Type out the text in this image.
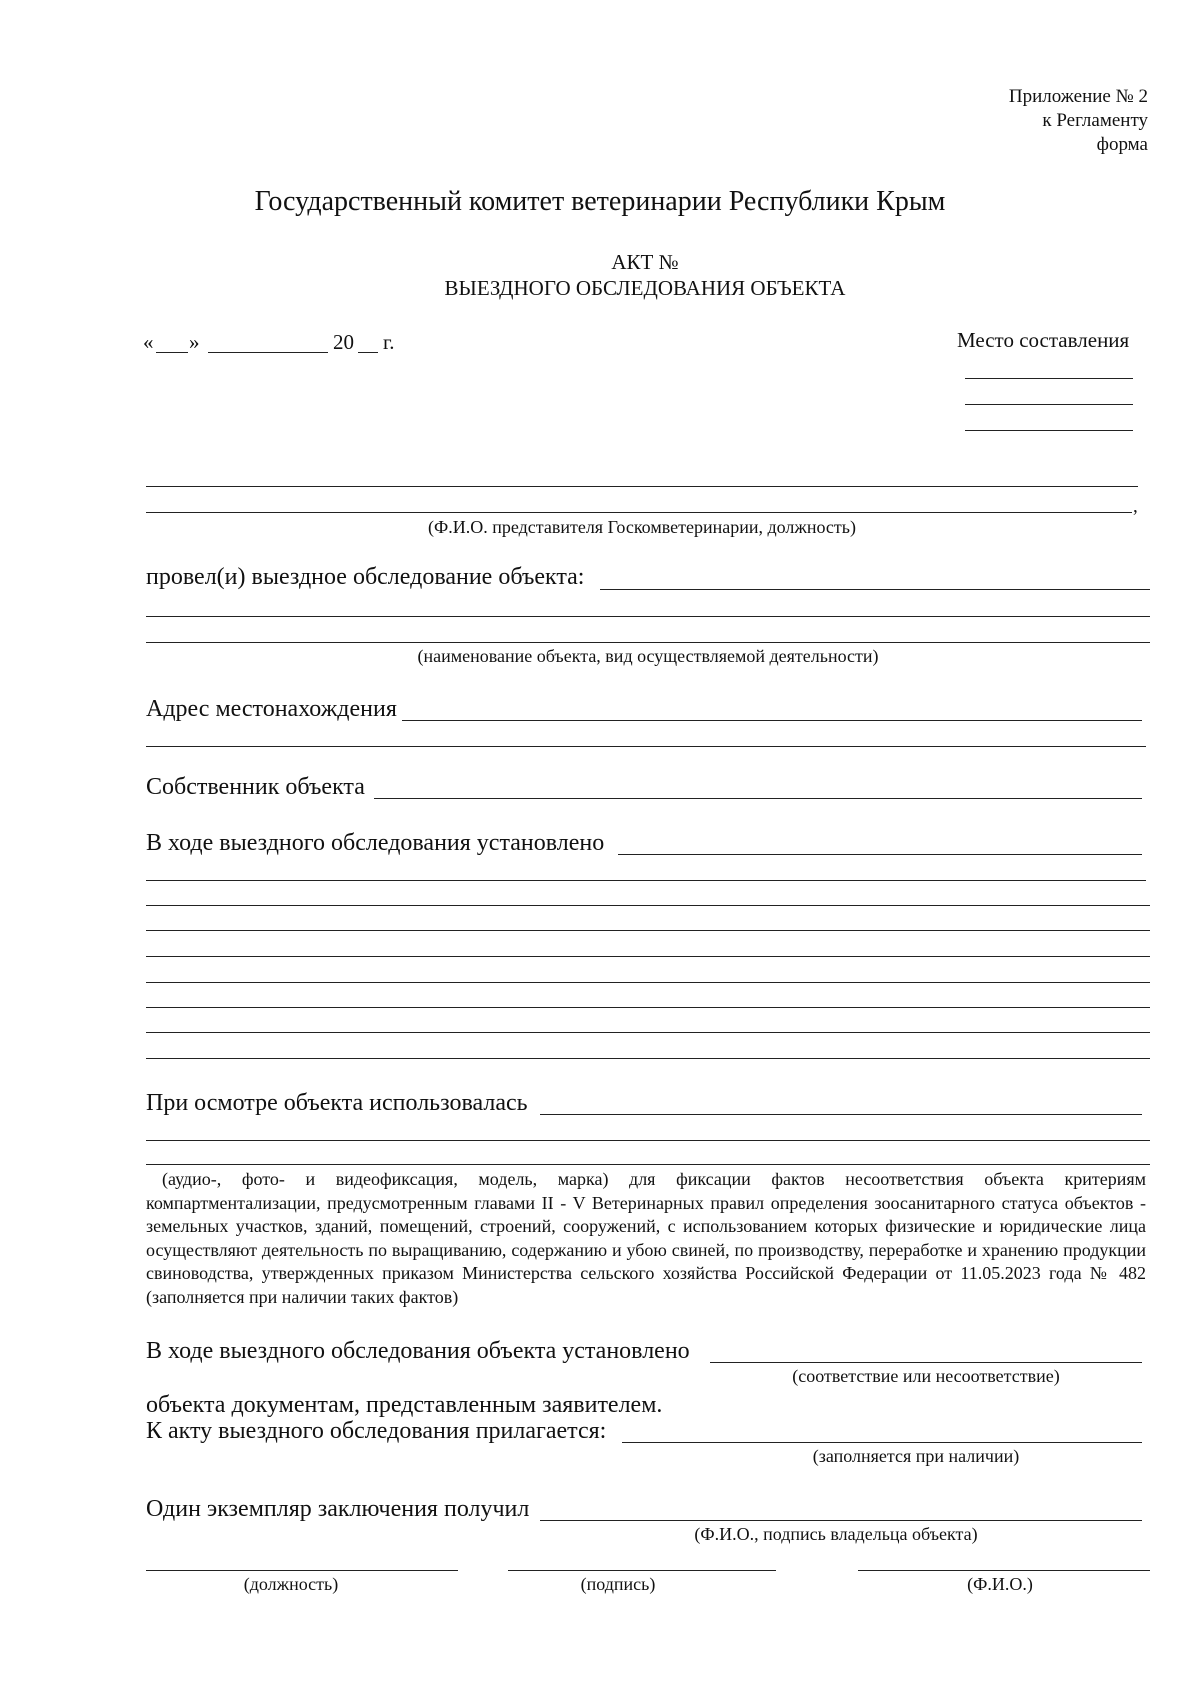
Приложение № 2
к Регламенту
форма
Государственный комитет ветеринарии Республики Крым
АКТ №
ВЫЕЗДНОГО ОБСЛЕДОВАНИЯ ОБЪЕКТА
« »	20 г.	Место составления
,
(Ф.И.О. представителя Госкомветеринарии, должность)
провел(и) выездное обследование объекта:
(наименование объекта, вид осуществляемой деятельности)
Адрес местонахождения
Собственник объекта
В ходе выездного обследования установлено
При осмотре объекта использовалась
(аудио-, фото- и видеофиксация, модель, марка) для фиксации фактов несоответствия объекта критериям компартментализации, предусмотренным главами II - V Ветеринарных правил определения зоосанитарного статуса объектов - земельных участков, зданий, помещений, строений, сооружений, с использованием которых физические и юридические лица осуществляют деятельность по выращиванию, содержанию и убою свиней, по производству, переработке и хранению продукции свиноводства, утвержденных приказом Министерства сельского хозяйства Российской Федерации от 11.05.2023 года № 482 (заполняется при наличии таких фактов)
В ходе выездного обследования объекта установлено
(соответствие или несоответствие)
объекта документам, представленным заявителем.
К акту выездного обследования прилагается:
(заполняется при наличии)
Один экземпляр заключения получил
(Ф.И.О., подпись владельца объекта)
(должность)	(подпись)	(Ф.И.О.)
